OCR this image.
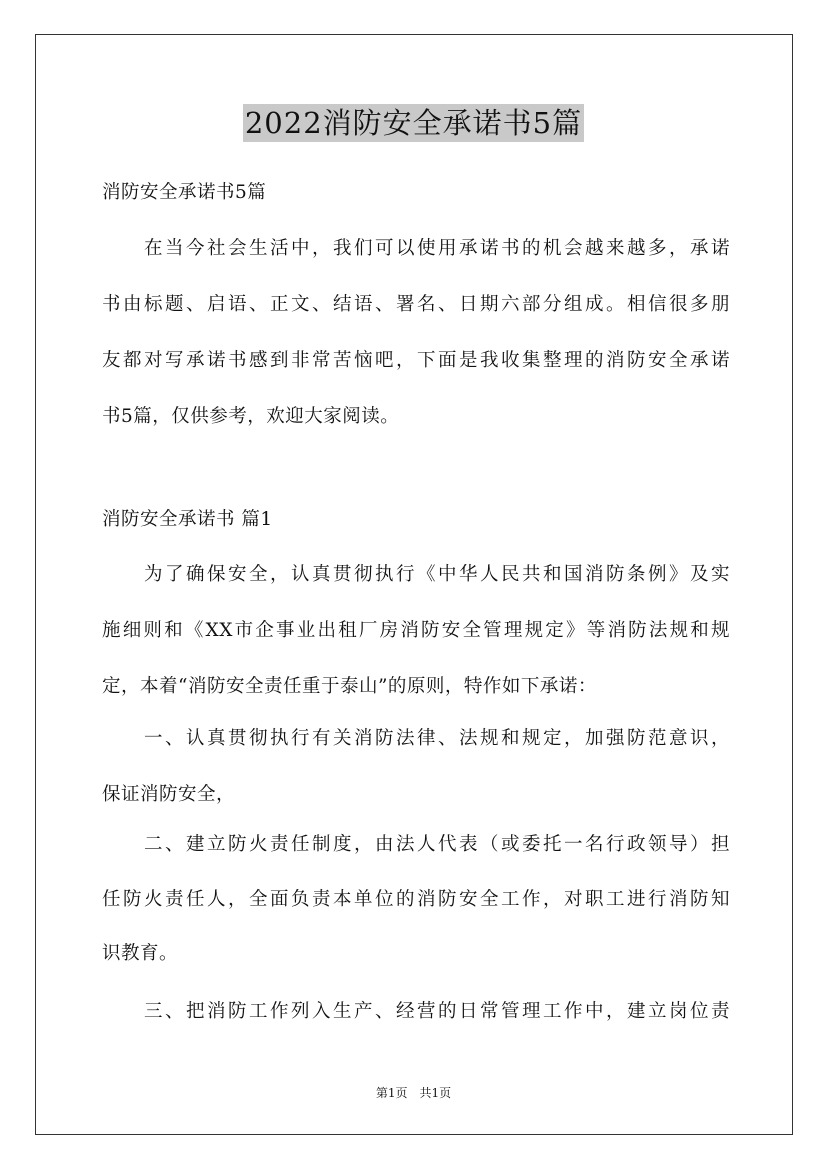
2022消防安全承诺书5篇
消防安全承诺书5篇
　　在当今社会生活中，我们可以使用承诺书的机会越来越多，承诺
书由标题、启语、正文、结语、署名、日期六部分组成。相信很多朋
友都对写承诺书感到非常苦恼吧，下面是我收集整理的消防安全承诺
书5篇，仅供参考，欢迎大家阅读。
消防安全承诺书 篇1
　　为了确保安全，认真贯彻执行《中华人民共和国消防条例》及实
施细则和《XX市企事业出租厂房消防安全管理规定》等消防法规和规
定，本着“消防安全责任重于泰山”的原则，特作如下承诺：
　　一、认真贯彻执行有关消防法律、法规和规定，加强防范意识，
保证消防安全，
　　二、建立防火责任制度，由法人代表（或委托一名行政领导）担
任防火责任人，全面负责本单位的消防安全工作，对职工进行消防知
识教育。
　　三、把消防工作列入生产、经营的日常管理工作中，建立岗位责
第1页　共1页
